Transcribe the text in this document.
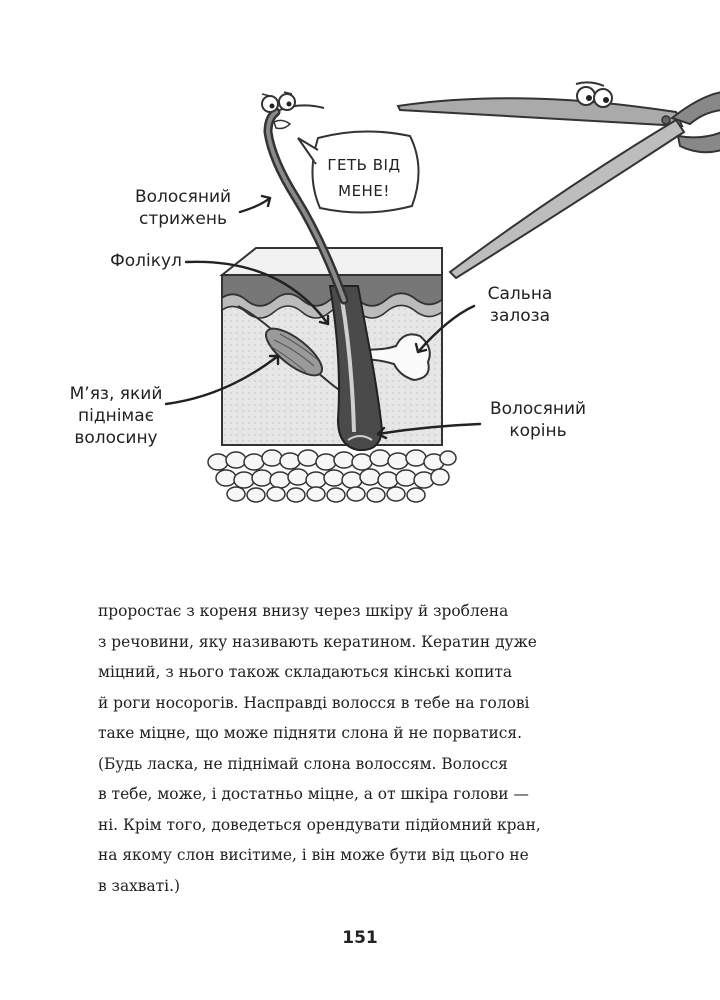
ГЕТЬ ВІД
МЕНЕ!
Волосяний
стрижень
Фолікул
М’яз, який
піднімає
волосину
Сальна
залоза
Волосяний
корінь

проростає з кореня внизу через шкіру й зроблена
з речовини, яку називають кератином. Кератин дуже
міцний, з нього також складаються кінські копита
й роги носорогів. Насправді волосся в тебе на голові
таке міцне, що може підняти слона й не порватися.
(Будь ласка, не піднімай слона волоссям. Волосся
в тебе, може, і достатньо міцне, а от шкіра голови —
ні. Крім того, доведеться орендувати підйомний кран,
на якому слон висітиме, і він може бути від цього не
в захваті.)

151
